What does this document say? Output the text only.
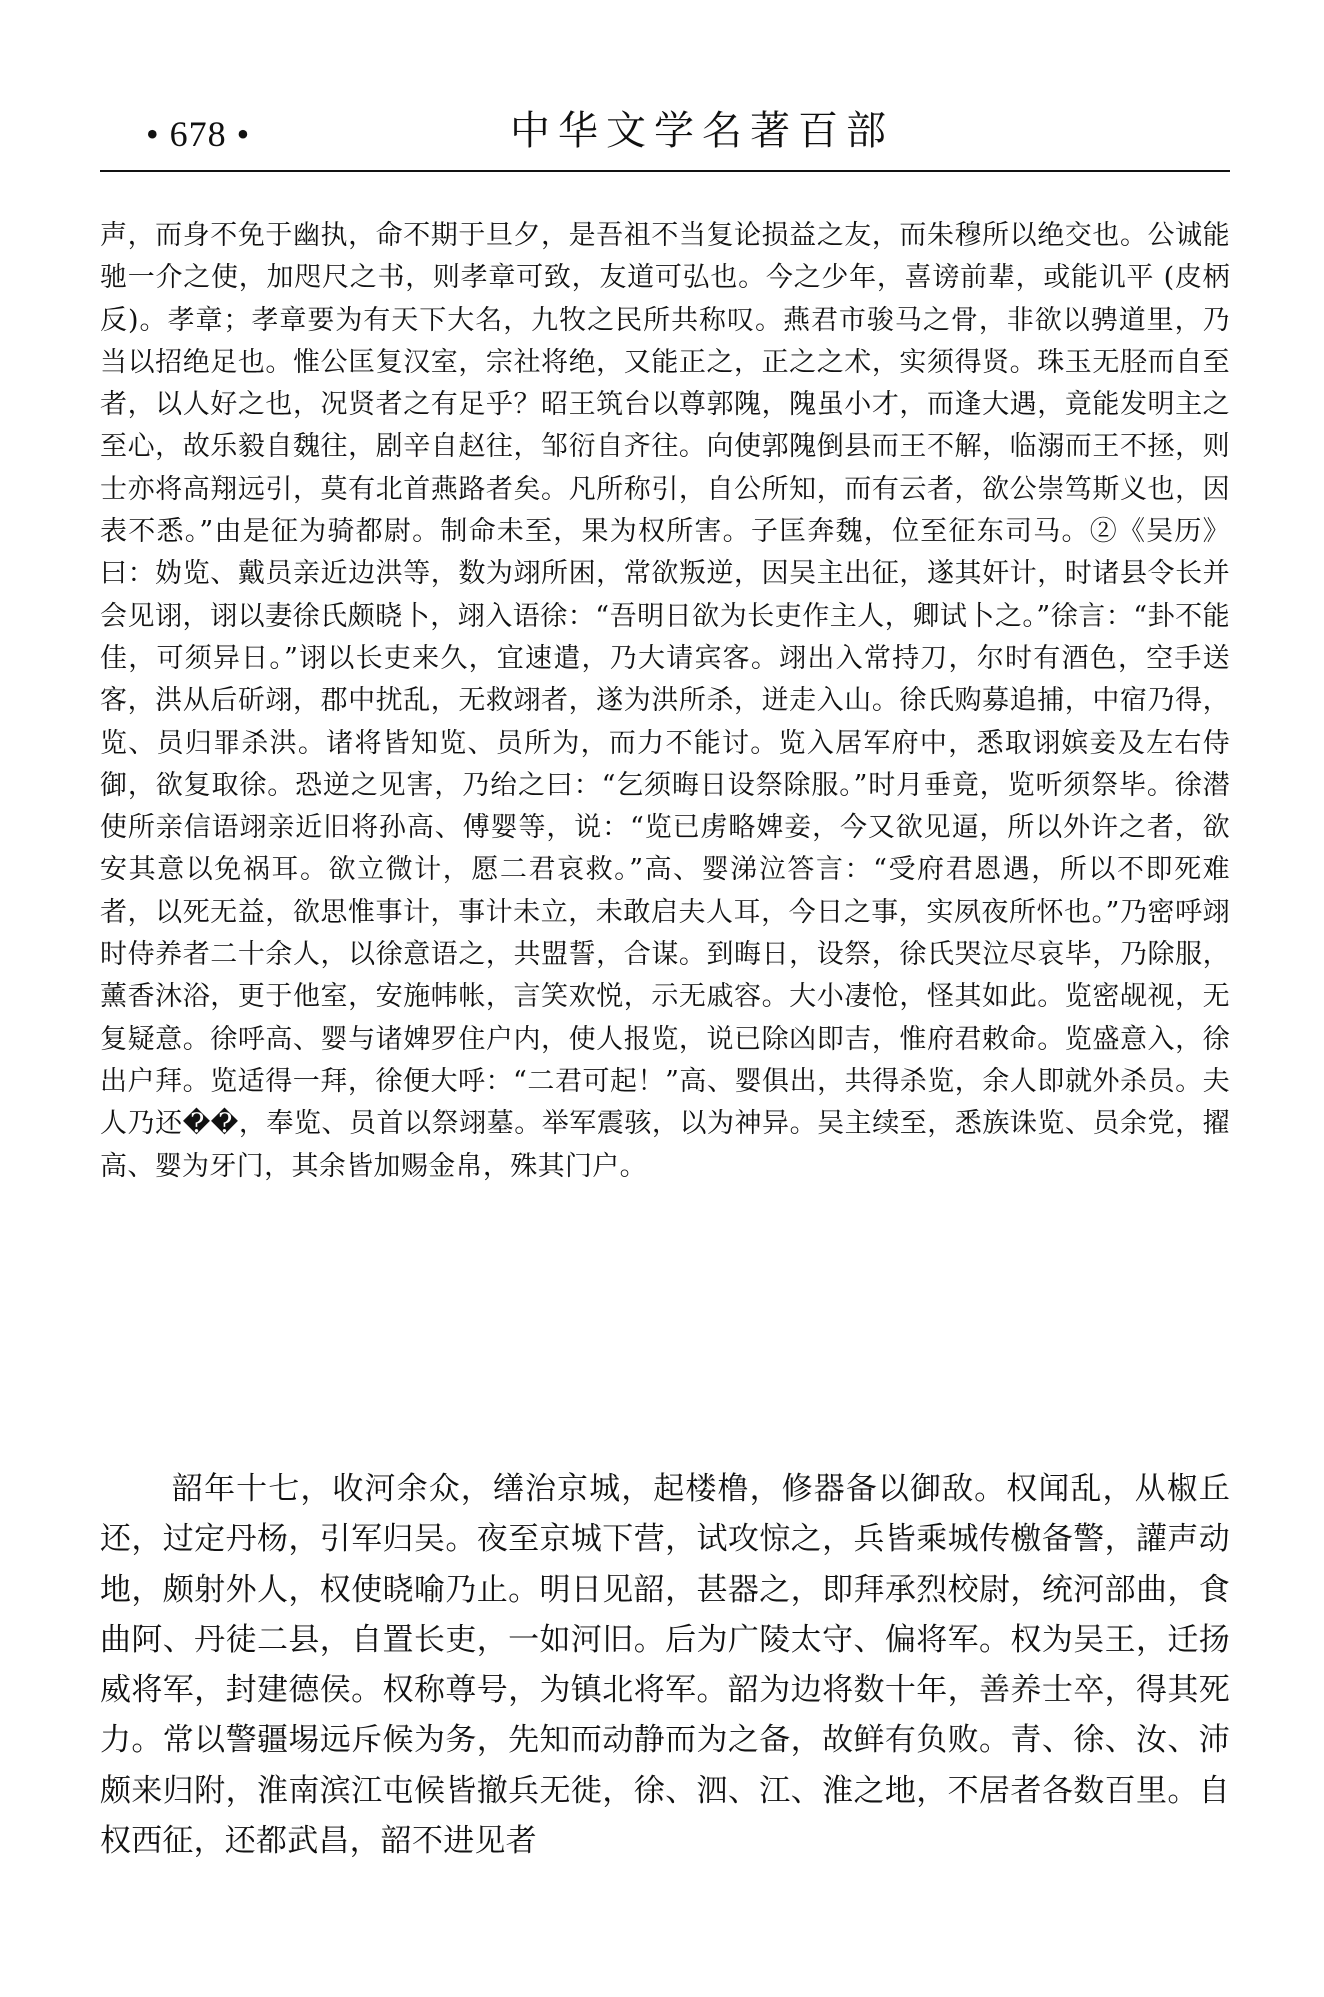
• 678 •	中华文学名著百部

声，而身不免于幽执，命不期于旦夕，是吾祖不当复论损益之友，而朱穆所以绝交也。公诚能驰一介之使，加咫尺之书，则孝章可致，友道可弘也。今之少年，喜谤前辈，或能讥平 (皮柄反)。孝章；孝章要为有天下大名，九牧之民所共称叹。燕君市骏马之骨，非欲以骋道里，乃当以招绝足也。惟公匡复汉室，宗社将绝，又能正之，正之之术，实须得贤。珠玉无胫而自至者，以人好之也，况贤者之有足乎？昭王筑台以尊郭隗，隗虽小才，而逢大遇，竟能发明主之至心，故乐毅自魏往，剧辛自赵往，邹衍自齐往。向使郭隗倒县而王不解，临溺而王不拯，则士亦将高翔远引，莫有北首燕路者矣。凡所称引，自公所知，而有云者，欲公崇笃斯义也，因表不悉。”由是征为骑都尉。制命未至，果为权所害。子匡奔魏，位至征东司马。②《吴历》曰：妫览、戴员亲近边洪等，数为翊所困，常欲叛逆，因吴主出征，遂其奸计，时诸县令长并会见诩，诩以妻徐氏颇晓卜，翊入语徐：“吾明日欲为长吏作主人，卿试卜之。”徐言：“卦不能佳，可须异日。”诩以长吏来久，宜速遣，乃大请宾客。翊出入常持刀，尔时有酒色，空手送客，洪从后斫翊，郡中扰乱，无救翊者，遂为洪所杀，迸走入山。徐氏购募追捕，中宿乃得，览、员归罪杀洪。诸将皆知览、员所为，而力不能讨。览入居军府中，悉取诩嫔妾及左右侍御，欲复取徐。恐逆之见害，乃绐之曰：“乞须晦日设祭除服。”时月垂竟，览听须祭毕。徐潜使所亲信语翊亲近旧将孙高、傅婴等，说：“览已虏略婢妾，今又欲见逼，所以外许之者，欲安其意以免祸耳。欲立微计，愿二君哀救。”高、婴涕泣答言：“受府君恩遇，所以不即死难者，以死无益，欲思惟事计，事计未立，未敢启夫人耳，今日之事，实夙夜所怀也。”乃密呼翊时侍养者二十余人，以徐意语之，共盟誓，合谋。到晦日，设祭，徐氏哭泣尽哀毕，乃除服，薰香沐浴，更于他室，安施帏帐，言笑欢悦，示无戚容。大小凄怆，怪其如此。览密觇视，无复疑意。徐呼高、婴与诸婢罗住户内，使人报览，说已除凶即吉，惟府君敕命。览盛意入，徐出户拜。览适得一拜，徐便大呼：“二君可起！”高、婴俱出，共得杀览，余人即就外杀员。夫人乃还��，奉览、员首以祭翊墓。举军震骇，以为神异。吴主续至，悉族诛览、员余党，擢高、婴为牙门，其余皆加赐金帛，殊其门户。

韶年十七，收河余众，缮治京城，起楼橹，修器备以御敌。权闻乱，从椒丘还，过定丹杨，引军归吴。夜至京城下营，试攻惊之，兵皆乘城传檄备警，讙声动地，颇射外人，权使晓喻乃止。明日见韶，甚器之，即拜承烈校尉，统河部曲，食曲阿、丹徒二县，自置长吏，一如河旧。后为广陵太守、偏将军。权为吴王，迁扬威将军，封建德侯。权称尊号，为镇北将军。韶为边将数十年，善养士卒，得其死力。常以警疆埸远斥候为务，先知而动静而为之备，故鲜有负败。青、徐、汝、沛颇来归附，淮南滨江屯候皆撤兵无徙，徐、泗、江、淮之地，不居者各数百里。自权西征，还都武昌，韶不进见者
